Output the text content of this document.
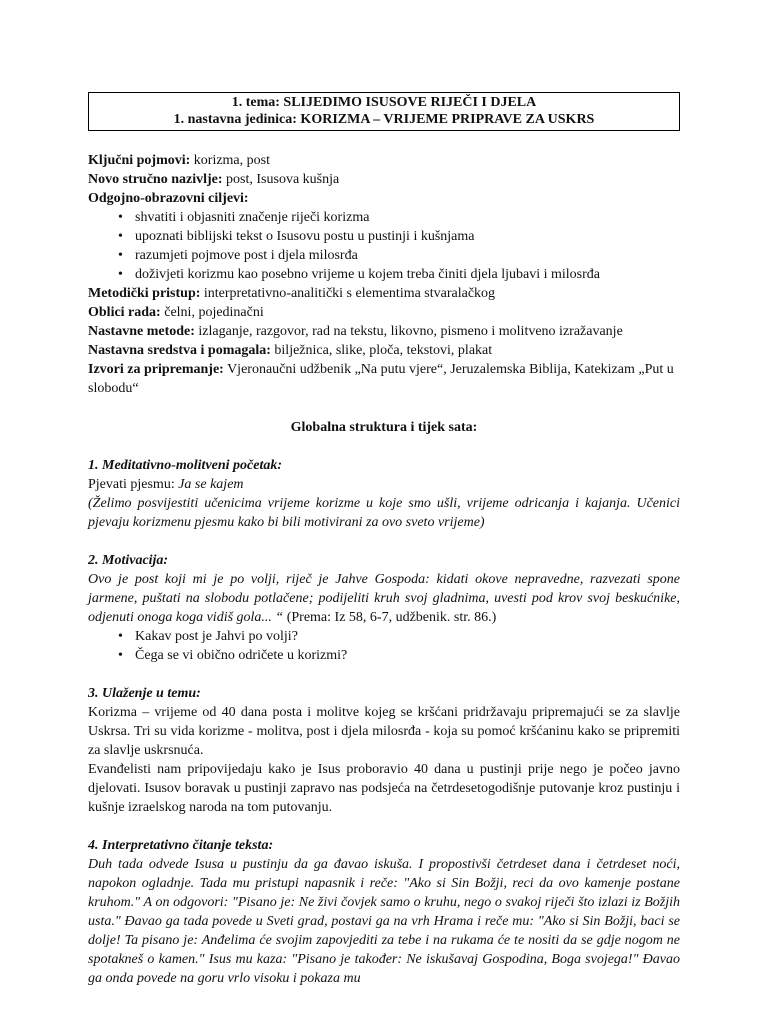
1. tema: SLIJEDIMO ISUSOVE RIJEČI I DJELA
1. nastavna jedinica: KORIZMA – VRIJEME PRIPRAVE ZA USKRS

Ključni pojmovi: korizma, post

Novo stručno nazivlje: post, Isusova kušnja

Odgojno-obrazovni ciljevi:

• shvatiti i objasniti značenje riječi korizma
• upoznati biblijski tekst o Isusovu postu u pustinji i kušnjama
• razumjeti pojmove post i djela milosrđa
• doživjeti korizmu kao posebno vrijeme u kojem treba činiti djela ljubavi i milosrđa

Metodički pristup: interpretativno-analitički s elementima stvaralačkog

Oblici rada: čelni, pojedinačni

Nastavne metode: izlaganje, razgovor, rad na tekstu, likovno, pismeno i molitveno izražavanje

Nastavna sredstva i pomagala: bilježnica, slike, ploča, tekstovi, plakat

Izvori za pripremanje: Vjeronaučni udžbenik „Na putu vjere“, Jeruzalemska Biblija, Katekizam „Put u slobodu“

Globalna struktura i tijek sata:
1. Meditativno-molitveni početak:

Pjevati pjesmu: Ja se kajem

(Želimo posvijestiti učenicima vrijeme korizme u koje smo ušli, vrijeme odricanja i kajanja. Učenici pjevaju korizmenu pjesmu kako bi bili motivirani za ovo sveto vrijeme)

2. Motivacija:

Ovo je post koji mi je po volji, riječ je Jahve Gospoda: kidati okove nepravedne, razvezati spone jarmene, puštati na slobodu potlačene; podijeliti kruh svoj gladnima, uvesti pod krov svoj beskućnike, odjenuti onoga koga vidiš gola... “ (Prema: Iz 58, 6-7, udžbenik. str. 86.)

• Kakav post je Jahvi po volji?
• Čega se vi obično odričete u korizmi?
3. Ulaženje u temu:

Korizma – vrijeme od 40 dana posta i molitve kojeg se kršćani pridržavaju pripremajući se za slavlje Uskrsa. Tri su vida korizme - molitva, post i djela milosrđa - koja su pomoć kršćaninu kako se pripremiti za slavlje uskrsnuća.

Evanđelisti nam pripovijedaju kako je Isus proboravio 40 dana u pustinji prije nego je počeo javno djelovati. Isusov boravak u pustinji zapravo nas podsjeća na četrdesetogodišnje putovanje kroz pustinju i kušnje izraelskog naroda na tom putovanju.

4. Interpretativno čitanje teksta:

Duh tada odvede Isusa u pustinju da ga đavao iskuša. I propostivši četrdeset dana i četrdeset noći, napokon ogladnje. Tada mu pristupi napasnik i reče: "Ako si Sin Božji, reci da ovo kamenje postane kruhom." A on odgovori: "Pisano je: Ne živi čovjek samo o kruhu, nego o svakoj riječi što izlazi iz Božjih usta." Đavao ga tada povede u Sveti grad, postavi ga na vrh Hrama i reče mu: "Ako si Sin Božji, baci se dolje! Ta pisano je: Anđelima će svojim zapovjediti za tebe i na rukama će te nositi da se gdje nogom ne spotakneš o kamen." Isus mu kaza: "Pisano je također: Ne iskušavaj Gospodina, Boga svojega!" Đavao ga onda povede na goru vrlo visoku i pokaza mu
